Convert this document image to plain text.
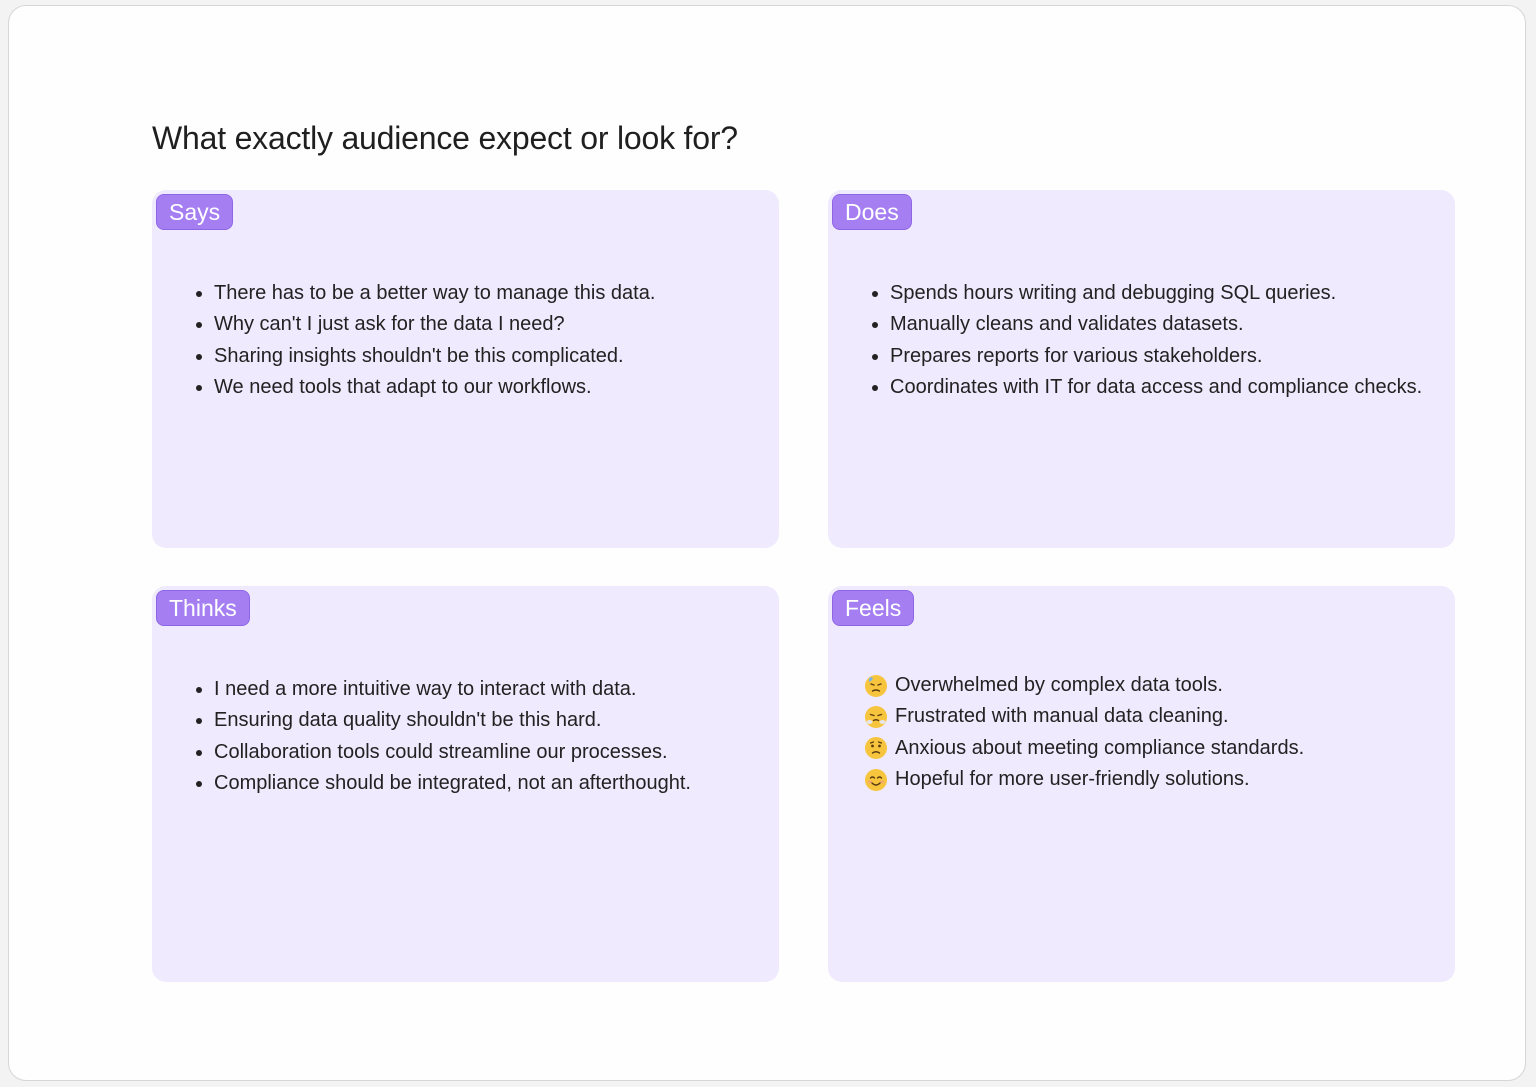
What exactly audience expect or look for?
Says
• There has to be a better way to manage this data.
• Why can't I just ask for the data I need?
• Sharing insights shouldn't be this complicated.
• We need tools that adapt to our workflows.
Does
• Spends hours writing and debugging SQL queries.
• Manually cleans and validates datasets.
• Prepares reports for various stakeholders.
• Coordinates with IT for data access and compliance checks.
Thinks
• I need a more intuitive way to interact with data.
• Ensuring data quality shouldn't be this hard.
• Collaboration tools could streamline our processes.
• Compliance should be integrated, not an afterthought.
Feels
Overwhelmed by complex data tools.
Frustrated with manual data cleaning.
Anxious about meeting compliance standards.
Hopeful for more user-friendly solutions.
